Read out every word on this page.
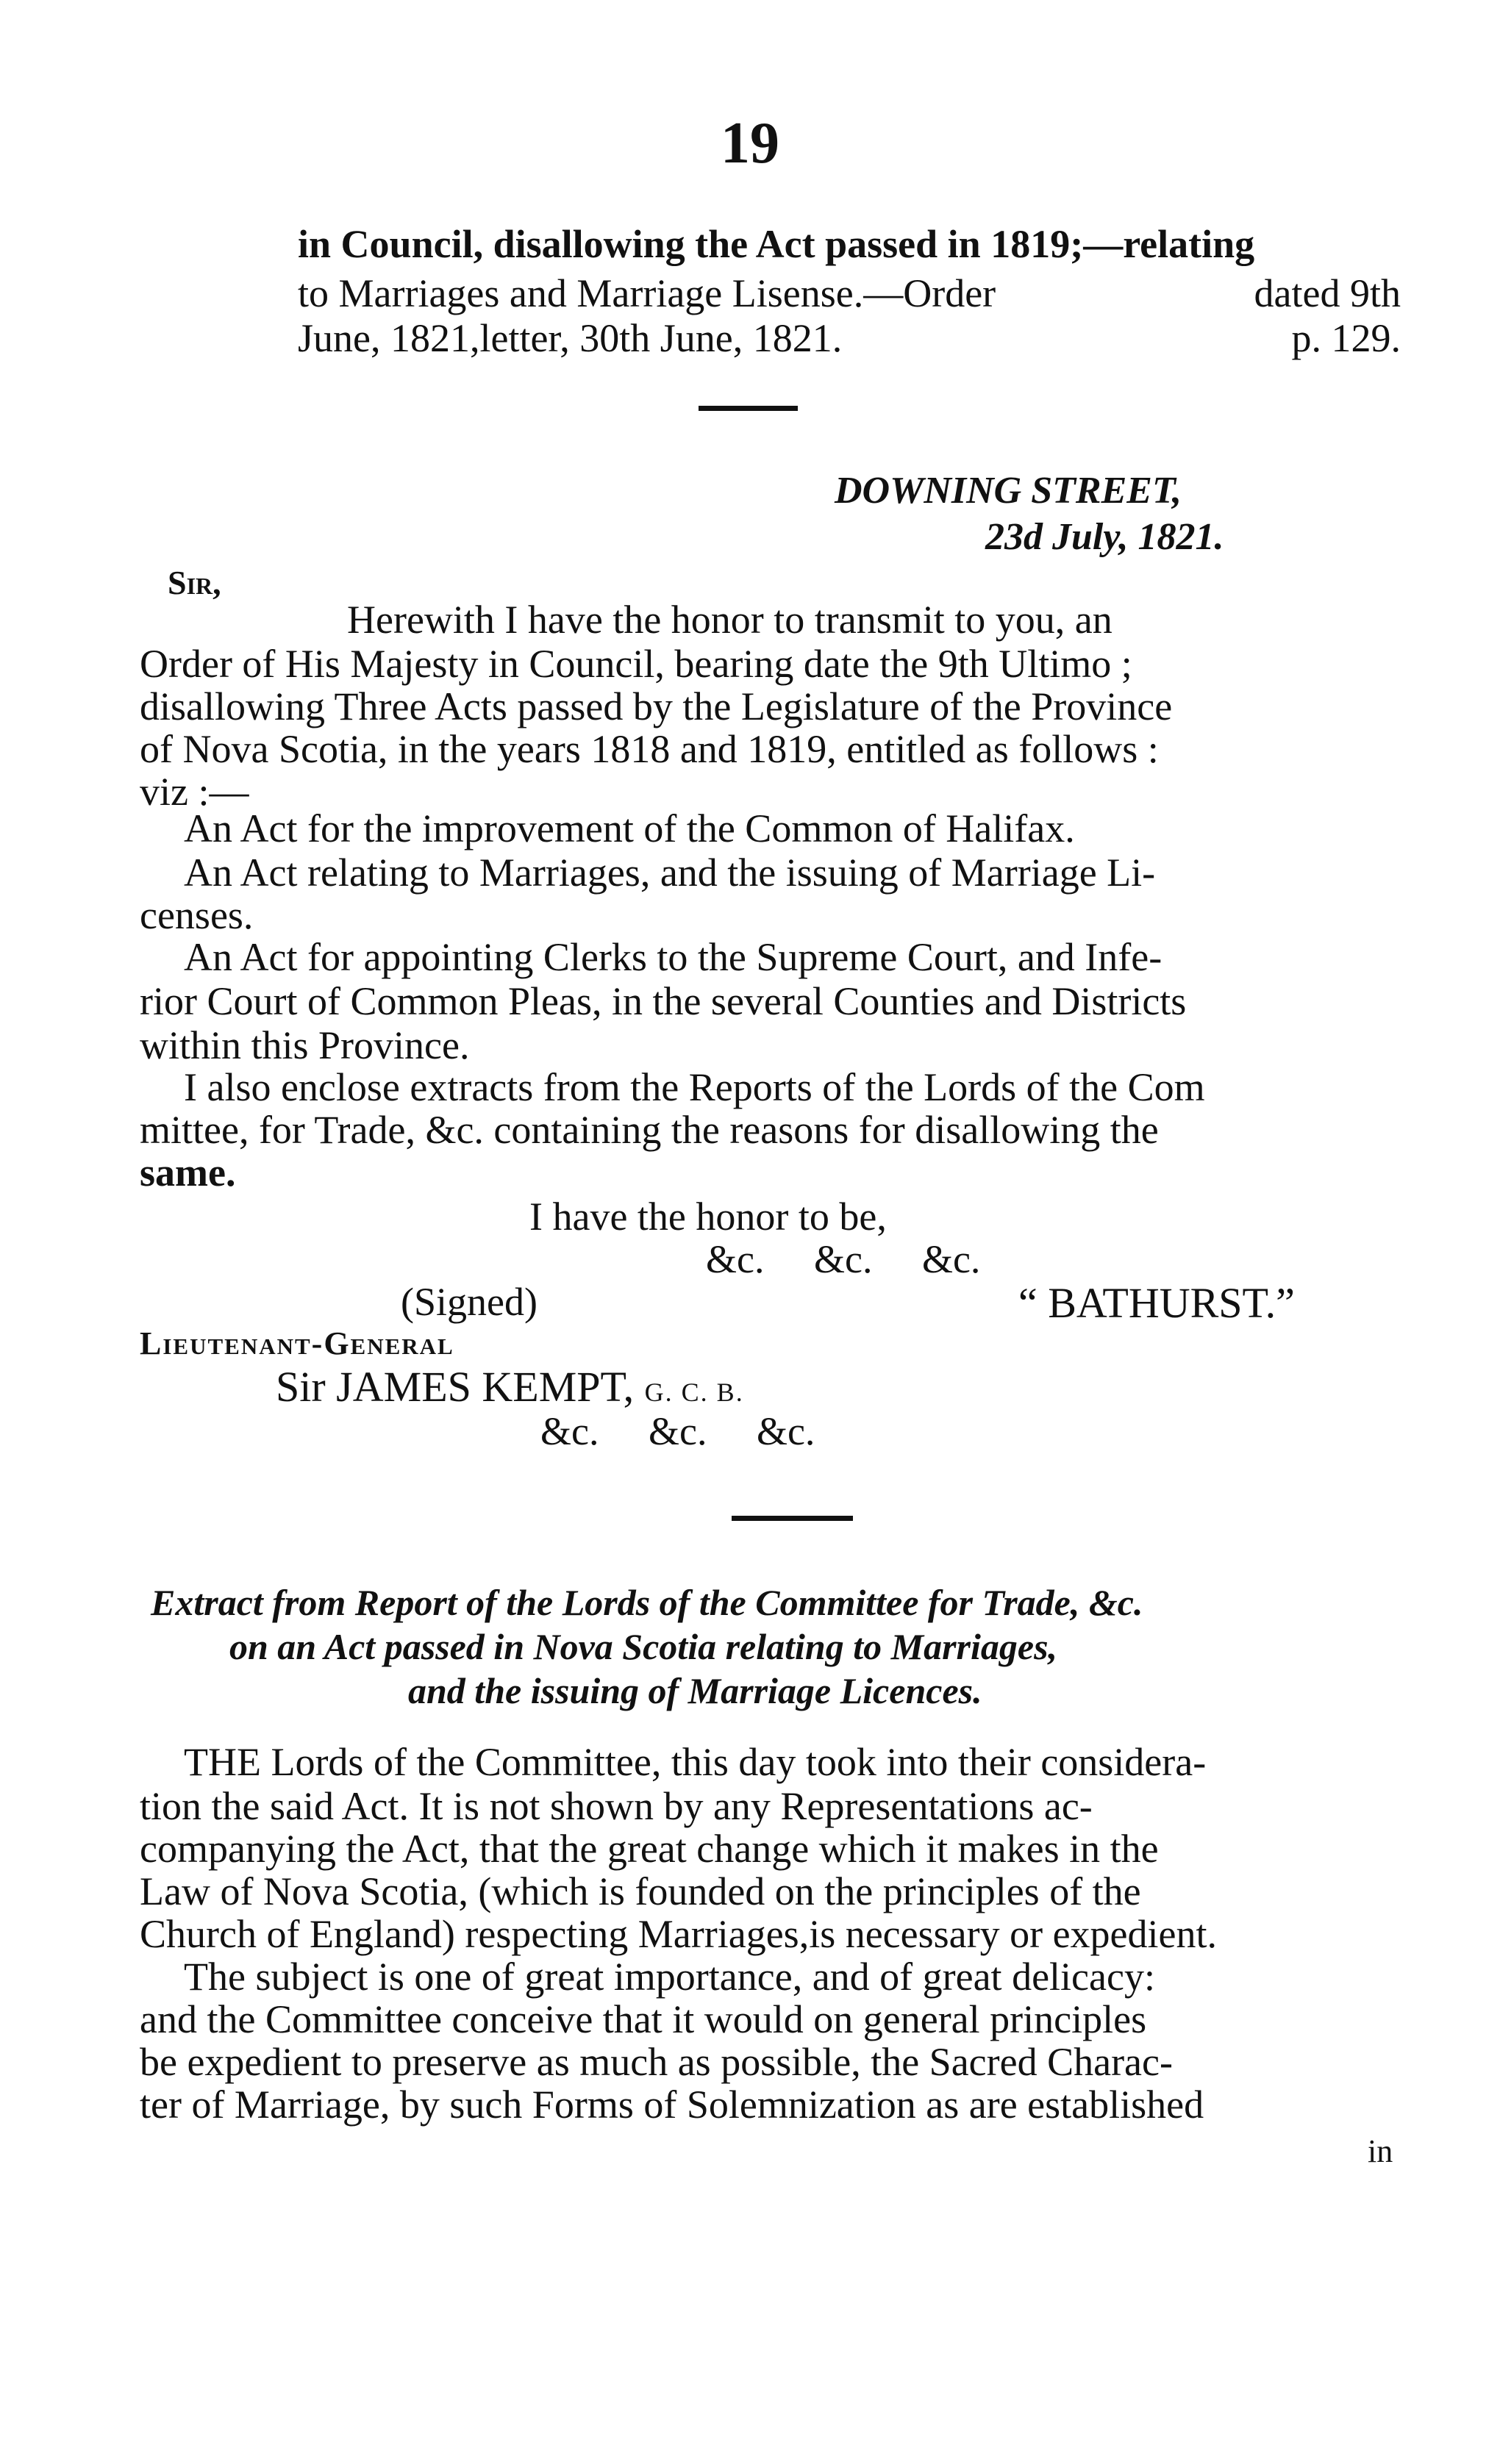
19
in Council, disallowing the Act passed in 1819;—relating
to Marriages and Marriage Lisense.—Order	dated 9th
June, 1821,letter, 30th June, 1821.	p. 129.
DOWNING STREET,
23d July, 1821.
Sir,
Herewith I have the honor to transmit to you, an
Order of His Majesty in Council, bearing date the 9th Ultimo ;
disallowing Three Acts passed by the Legislature of the Province
of Nova Scotia, in the years 1818 and 1819, entitled as follows :
viz :—
An Act for the improvement of the Common of Halifax.
An Act relating to Marriages, and the issuing of Marriage Li-
censes.
An Act for appointing Clerks to the Supreme Court, and Infe-
rior Court of Common Pleas, in the several Counties and Districts
within this Province.
I also enclose extracts from the Reports of the Lords of the Com
mittee, for Trade, &c. containing the reasons for disallowing the
same.
I have the honor to be,
&c.     &c.     &c.
(Signed)	“ BATHURST.”
Lieutenant-General
Sir JAMES KEMPT, G. C. B.
&c.     &c.     &c.
Extract from Report of the Lords of the Committee for Trade, &c.
on an Act passed in Nova Scotia relating to Marriages,
and the issuing of Marriage Licences.
THE Lords of the Committee, this day took into their considera-
tion the said Act. It is not shown by any Representations ac-
companying the Act, that the great change which it makes in the
Law of Nova Scotia, (which is founded on the principles of the
Church of England) respecting Marriages,is necessary or expedient.
The subject is one of great importance, and of great delicacy:
and the Committee conceive that it would on general principles
be expedient to preserve as much as possible, the Sacred Charac-
ter of Marriage, by such Forms of Solemnization as are established
in
